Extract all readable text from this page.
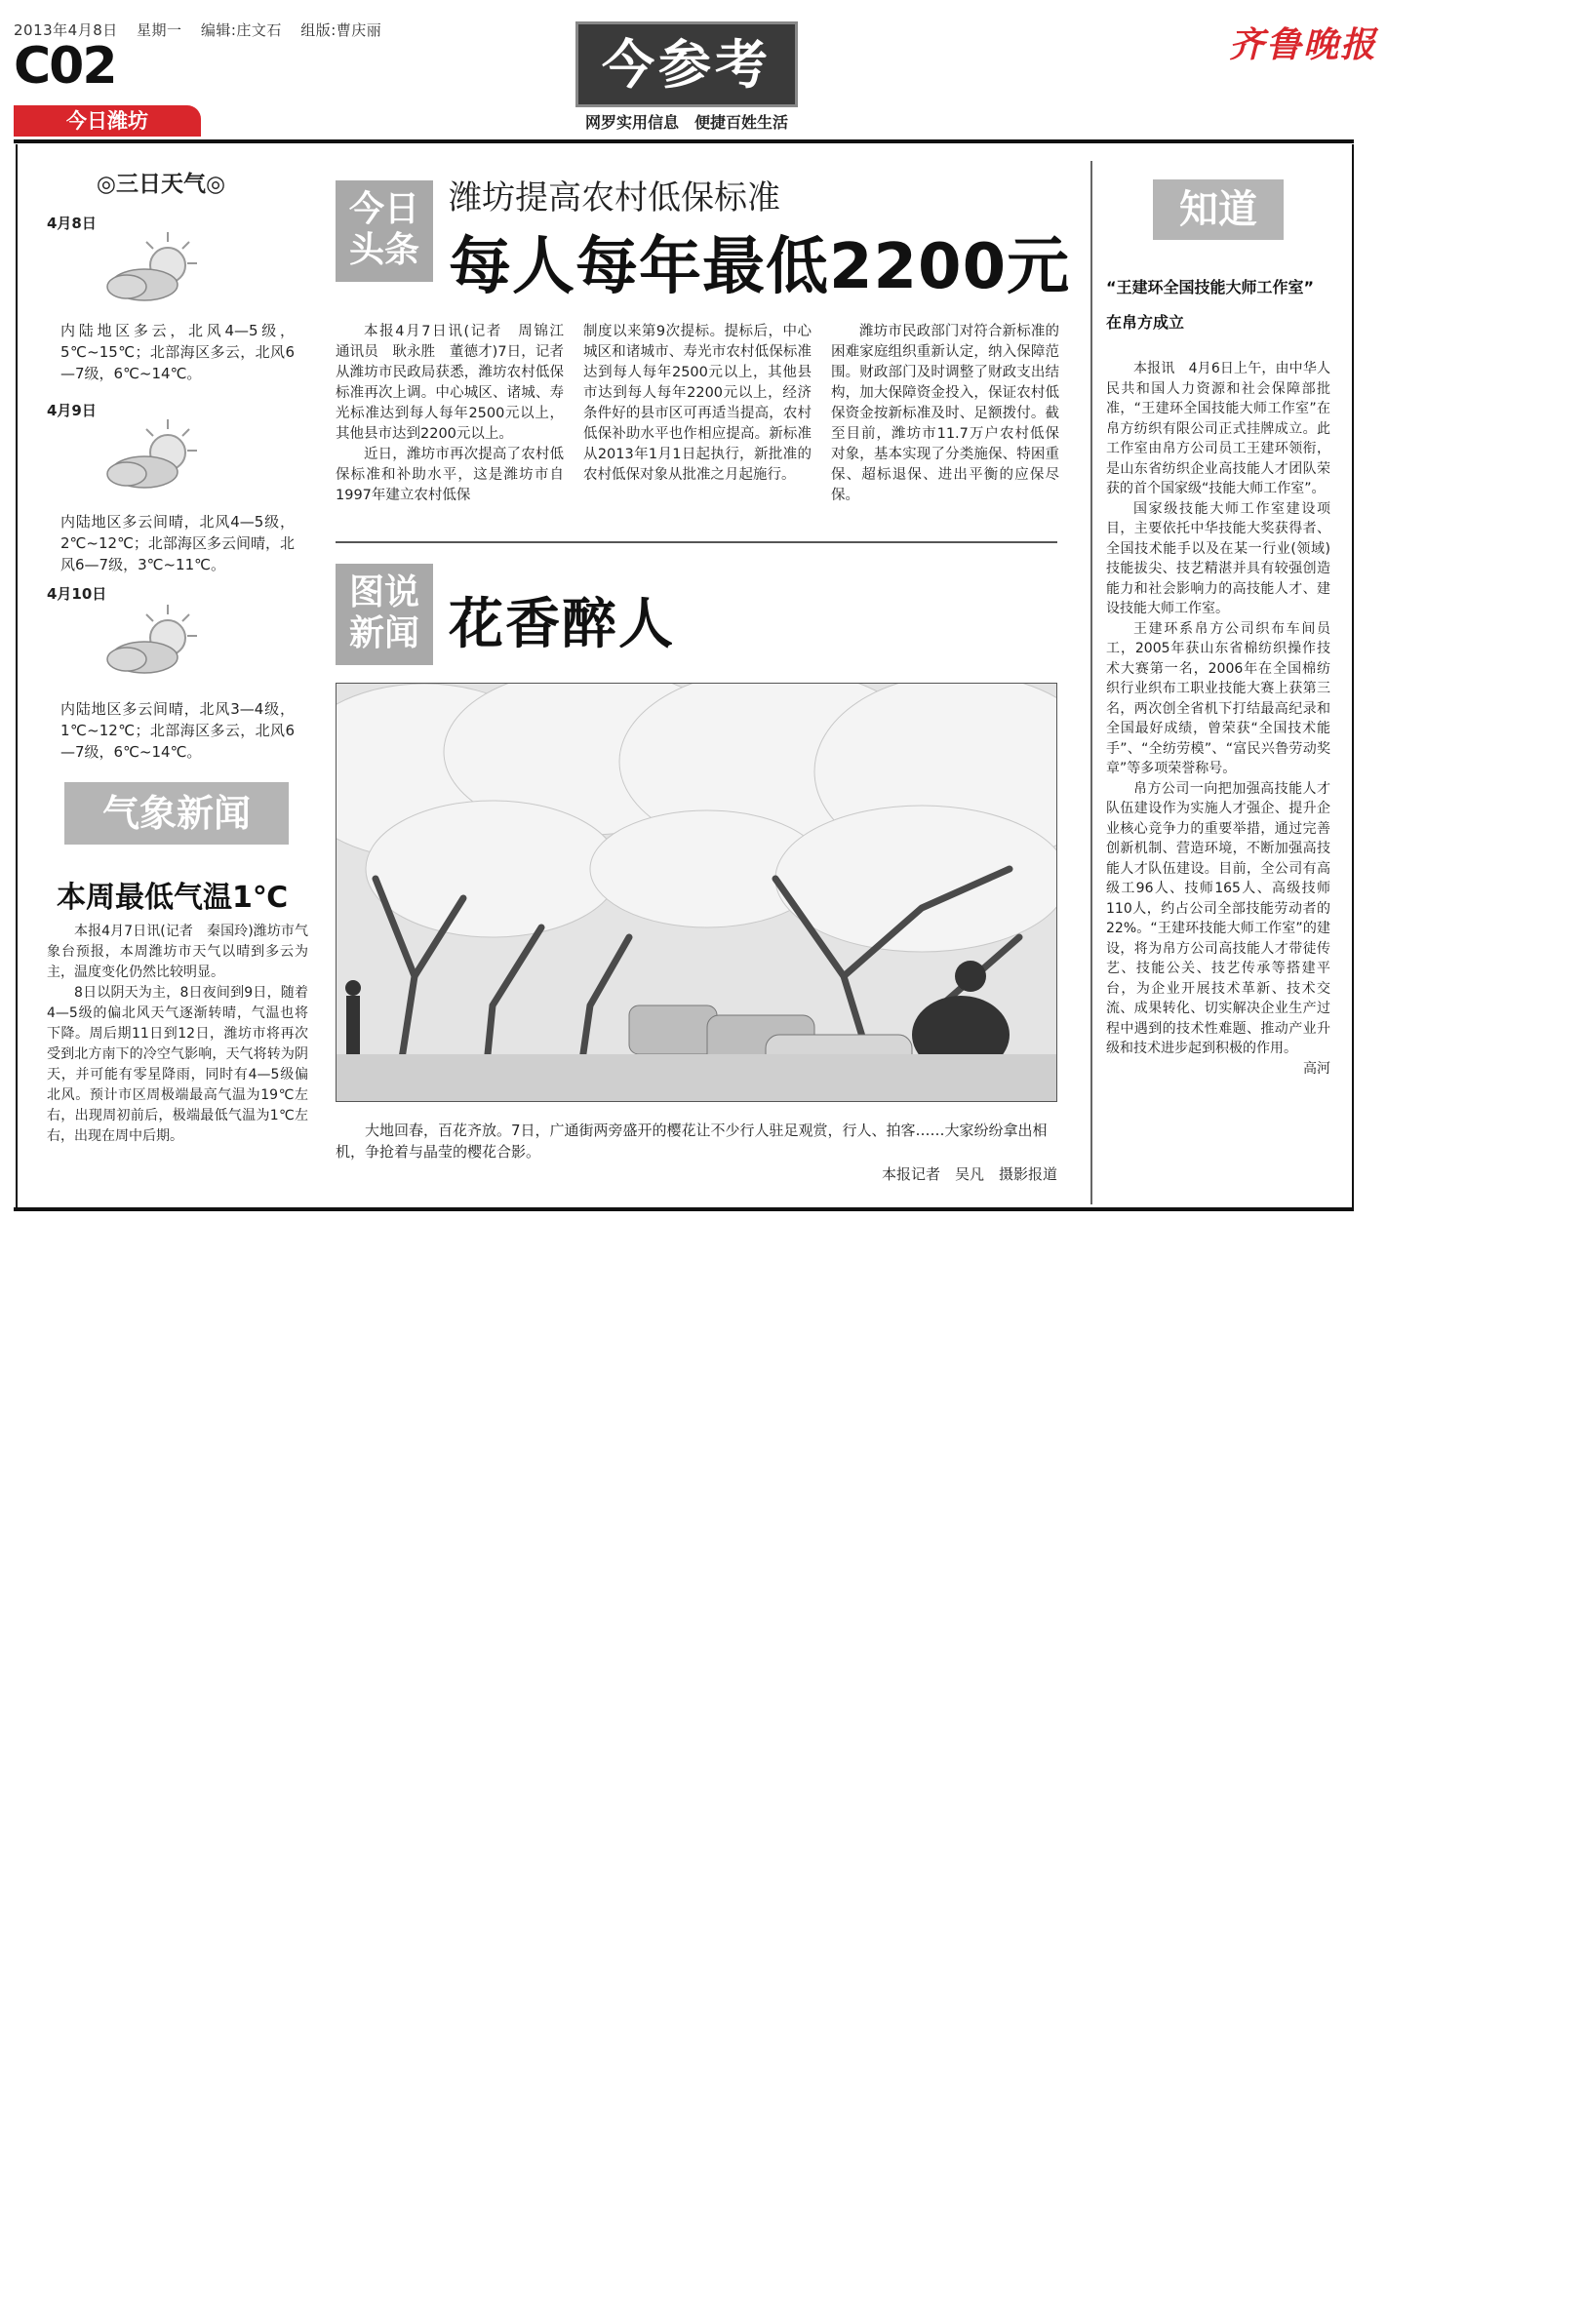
2013年4月8日 星期一 编辑:庄文石 组版:曹庆丽
C02
今日潍坊
今参考
网罗实用信息　便捷百姓生活
齐鲁晚报
◎三日天气◎
4月8日
内陆地区多云，北风4—5级，5℃~15℃；北部海区多云，北风6—7级，6℃~14℃。
4月9日
内陆地区多云间晴，北风4—5级，2℃~12℃；北部海区多云间晴，北风6—7级，3℃~11℃。
4月10日
内陆地区多云间晴，北风3—4级，1℃~12℃；北部海区多云，北风6—7级，6℃~14℃。
气象新闻
本周最低气温1℃

本报4月7日讯(记者　秦国玲)潍坊市气象台预报，本周潍坊市天气以晴到多云为主，温度变化仍然比较明显。

8日以阴天为主，8日夜间到9日，随着4—5级的偏北风天气逐渐转晴，气温也将下降。周后期11日到12日，潍坊市将再次受到北方南下的冷空气影响，天气将转为阴天，并可能有零星降雨，同时有4—5级偏北风。预计市区周极端最高气温为19℃左右，出现周初前后，极端最低气温为1℃左右，出现在周中后期。

今日头条
潍坊提高农村低保标准
每人每年最低2200元

本报4月7日讯(记者　周锦江　通讯员　耿永胜　董德才)7日，记者从潍坊市民政局获悉，潍坊农村低保标准再次上调。中心城区、诸城、寿光标准达到每人每年2500元以上，其他县市达到2200元以上。

近日，潍坊市再次提高了农村低保标准和补助水平，这是潍坊市自1997年建立农村低保

制度以来第9次提标。提标后，中心城区和诸城市、寿光市农村低保标准达到每人每年2500元以上，其他县市达到每人每年2200元以上，经济条件好的县市区可再适当提高，农村低保补助水平也作相应提高。新标准从2013年1月1日起执行，新批准的农村低保对象从批准之月起施行。

潍坊市民政部门对符合新标准的困难家庭组织重新认定，纳入保障范围。财政部门及时调整了财政支出结构，加大保障资金投入，保证农村低保资金按新标准及时、足额拨付。截至目前，潍坊市11.7万户农村低保对象，基本实现了分类施保、特困重保、超标退保、进出平衡的应保尽保。

图说新闻 花香醉人

大地回春，百花齐放。7日，广通街两旁盛开的樱花让不少行人驻足观赏，行人、拍客……大家纷纷拿出相机，争抢着与晶莹的樱花合影。

本报记者　吴凡　摄影报道
知道
“王建环全国技能大师工作室”
在帛方成立

本报讯　4月6日上午，由中华人民共和国人力资源和社会保障部批准，“王建环全国技能大师工作室”在帛方纺织有限公司正式挂牌成立。此工作室由帛方公司员工王建环领衔，是山东省纺织企业高技能人才团队荣获的首个国家级“技能大师工作室”。

国家级技能大师工作室建设项目，主要依托中华技能大奖获得者、全国技术能手以及在某一行业(领域)技能拔尖、技艺精湛并具有较强创造能力和社会影响力的高技能人才、建设技能大师工作室。

王建环系帛方公司织布车间员工，2005年获山东省棉纺织操作技术大赛第一名，2006年在全国棉纺织行业织布工职业技能大赛上获第三名，两次创全省机下打结最高纪录和全国最好成绩，曾荣获“全国技术能手”、“全纺劳模”、“富民兴鲁劳动奖章”等多项荣誉称号。

帛方公司一向把加强高技能人才队伍建设作为实施人才强企、提升企业核心竞争力的重要举措，通过完善创新机制、营造环境，不断加强高技能人才队伍建设。目前，全公司有高级工96人、技师165人、高级技师110人，约占公司全部技能劳动者的22%。“王建环技能大师工作室”的建设，将为帛方公司高技能人才带徒传艺、技能公关、技艺传承等搭建平台，为企业开展技术革新、技术交流、成果转化、切实解决企业生产过程中遇到的技术性难题、推动产业升级和技术进步起到积极的作用。

高河
